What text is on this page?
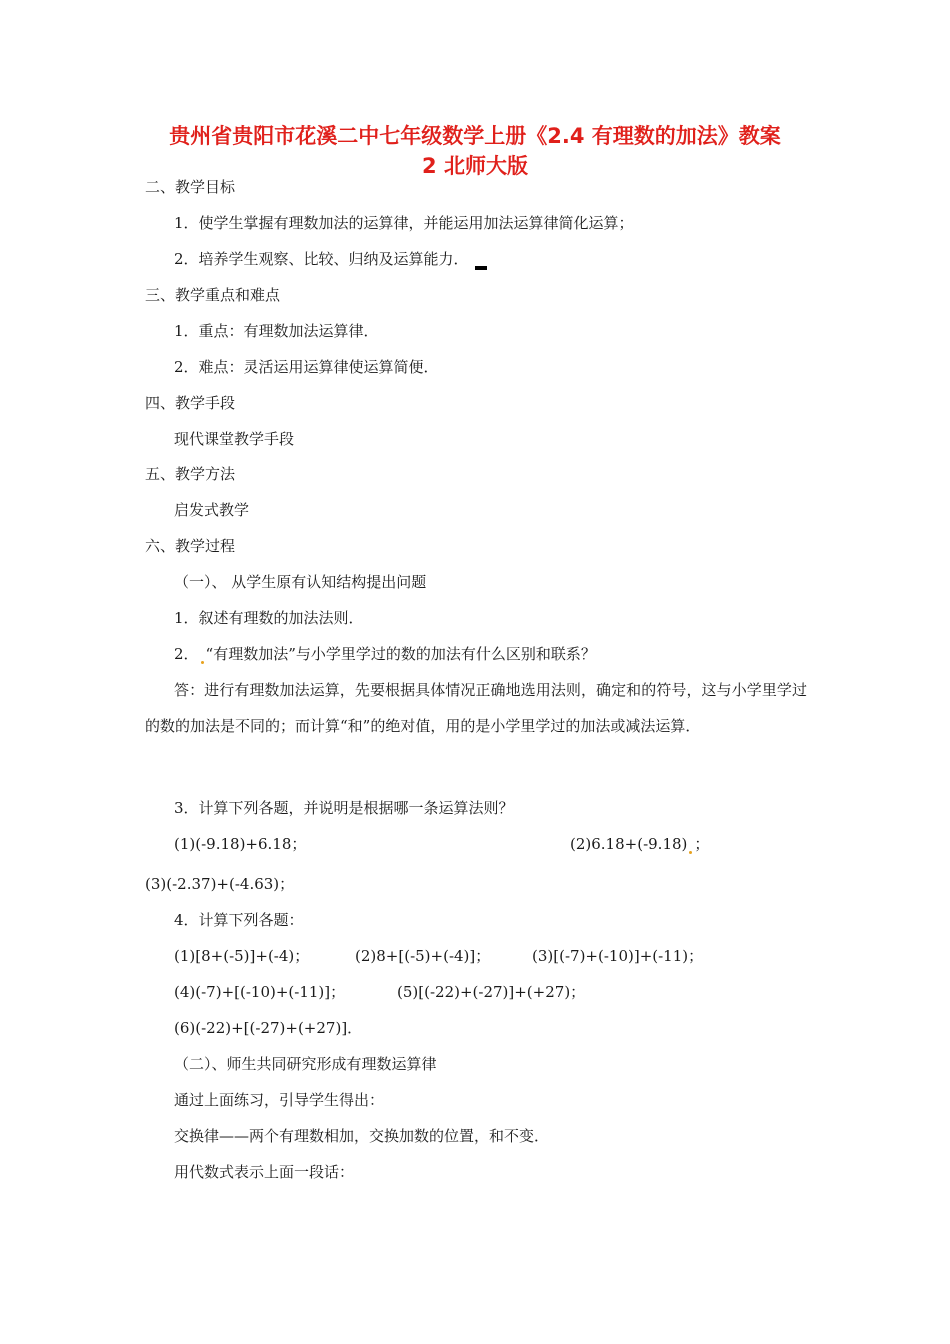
贵州省贵阳市花溪二中七年级数学上册《2.4 有理数的加法》教案
2 北师大版
二、教学目标
1．使学生掌握有理数加法的运算律，并能运用加法运算律简化运算；
2．培养学生观察、比较、归纳及运算能力．
三、教学重点和难点
1．重点：有理数加法运算律．
2．难点：灵活运用运算律使运算简便．
四、教学手段
现代课堂教学手段
五、教学方法
启发式教学
六、教学过程
（一）、 从学生原有认知结构提出问题
1．叙述有理数的加法法则．
2． “有理数加法”与小学里学过的数的加法有什么区别和联系？
答：进行有理数加法运算，先要根据具体情况正确地选用法则，确定和的符号，这与小学里学过的数的加法是不同的；而计算“和”的绝对值，用的是小学里学过的加法或减法运算．
3．计算下列各题，并说明是根据哪一条运算法则？
(1)(-9.18)+6.18；	(2)6.18+(-9.18) ；
(3)(-2.37)+(-4.63)；
4．计算下列各题：
(1)[8+(-5)]+(-4)；	(2)8+[(-5)+(-4)]；	(3)[(-7)+(-10)]+(-11)；
(4)(-7)+[(-10)+(-11)]；	(5)[(-22)+(-27)]+(+27)；
(6)(-22)+[(-27)+(+27)]．
（二）、师生共同研究形成有理数运算律
通过上面练习，引导学生得出：
交换律——两个有理数相加，交换加数的位置，和不变．
用代数式表示上面一段话：
